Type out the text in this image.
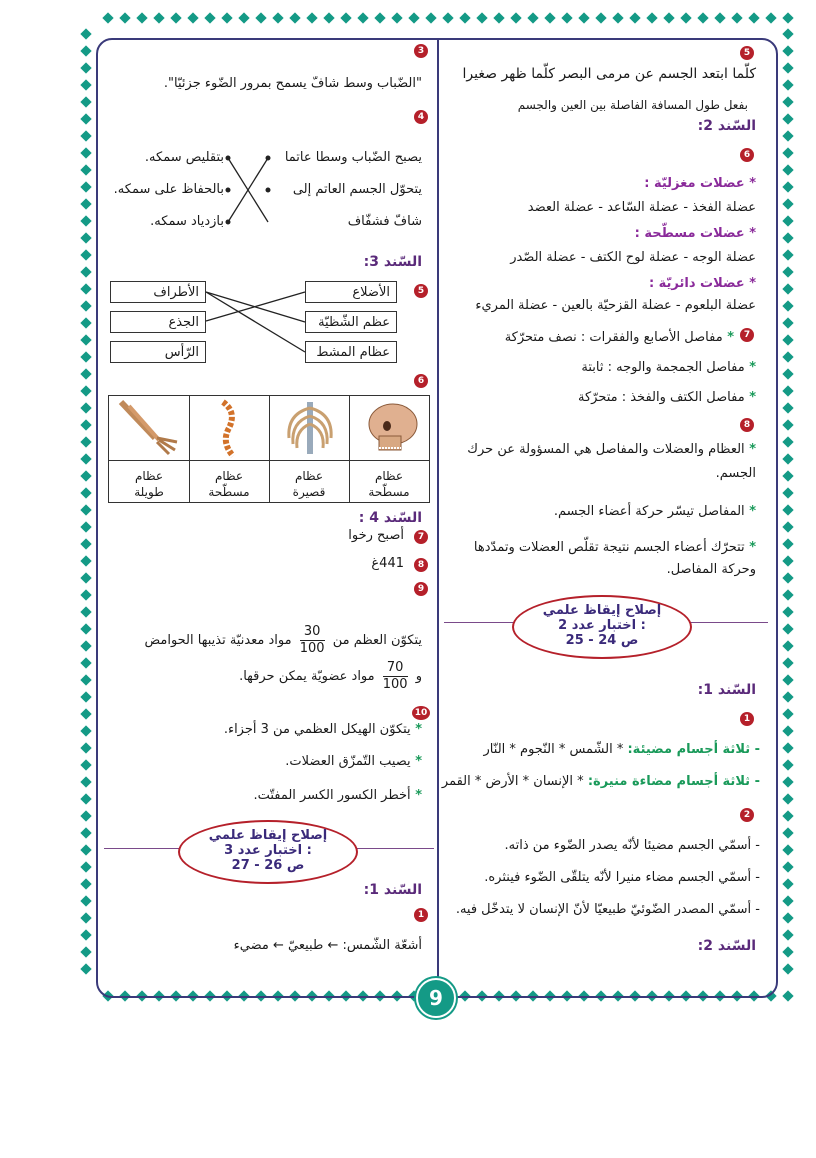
5
كلّما ابتعد الجسم عن مرمى البصر كلّما ظهر صغيرا
بفعل طول المسافة الفاصلة بين العين والجسم
السّند 2:
6
* عضلات مغزليّة :
عضلة الفخذ - عضلة السّاعد - عضلة العضد
* عضلات مسطّحة :
عضلة الوجه - عضلة لوح الكتف - عضلة الصّدر
* عضلات دائريّة :
عضلة البلعوم - عضلة القزحيّة بالعين - عضلة المريء
7
* مفاصل الأصابع والفقرات : نصف متحرّكة
* مفاصل الجمجمة والوجه : ثابتة
* مفاصل الكتف والفخذ : متحرّكة
8
* العظام والعضلات والمفاصل هي المسؤولة عن حرك
الجسم.
* المفاصل تيسّر حركة أعضاء الجسم.
* تتحرّك أعضاء الجسم نتيجة تقلّص العضلات وتمدّدها
وحركة المفاصل.
إصلاح إيقاظ علمي
اختبار عدد 2 :
ص 24 - 25
السّند 1:
1
- ثلاثة أجسام مضيئة: * الشّمس * النّجوم * النّار
- ثلاثة أجسام مضاءة منيرة: * الإنسان * الأرض * القمر
2
- أسمّي الجسم مضيئا لأنّه يصدر الضّوء من ذاته.
- أسمّي الجسم مضاء منيرا لأنّه يتلقّى الضّوء فينثره.
- أسمّي المصدر الضّوئيّ طبيعيّا لأنّ الإنسان لا يتدخّل فيه.
السّند 2:
3
"الضّباب وسط شافّ يسمح بمرور الضّوء جزئيّا".
4
يصبح الضّباب وسطا عاتما
يتحوّل الجسم العاتم إلى
شافّ فشفّاف
بتقليص سمكه.
بالحفاظ على سمكه.
بازدياد سمكه.
السّند 3:
5
الأضلاع
عظم الشّظيّة
عظام المشط
الأطراف
الجذع
الرّأس
6
عظام
مسطّحة
عظام
قصيرة
عظام
مسطّحة
عظام
طويلة
السّند 4 :
7
أصبح رخوا
8
441غ
9
يتكوّن العظم من
$\frac{30}{100}$
مواد معدنيّة تذيبها الحوامض
و
$\frac{70}{100}$
مواد عضويّة يمكن حرقها.
10
* يتكوّن الهيكل العظمي من 3 أجزاء.
* يصيب التّمزّق العضلات.
* أخطر الكسور الكسر المفتّت.
إصلاح إيقاظ علمي
اختبار عدد 3 :
ص 26 - 27
السّند 1:
1
أشعّة الشّمس: ← طبيعيّ ← مضيء
9
